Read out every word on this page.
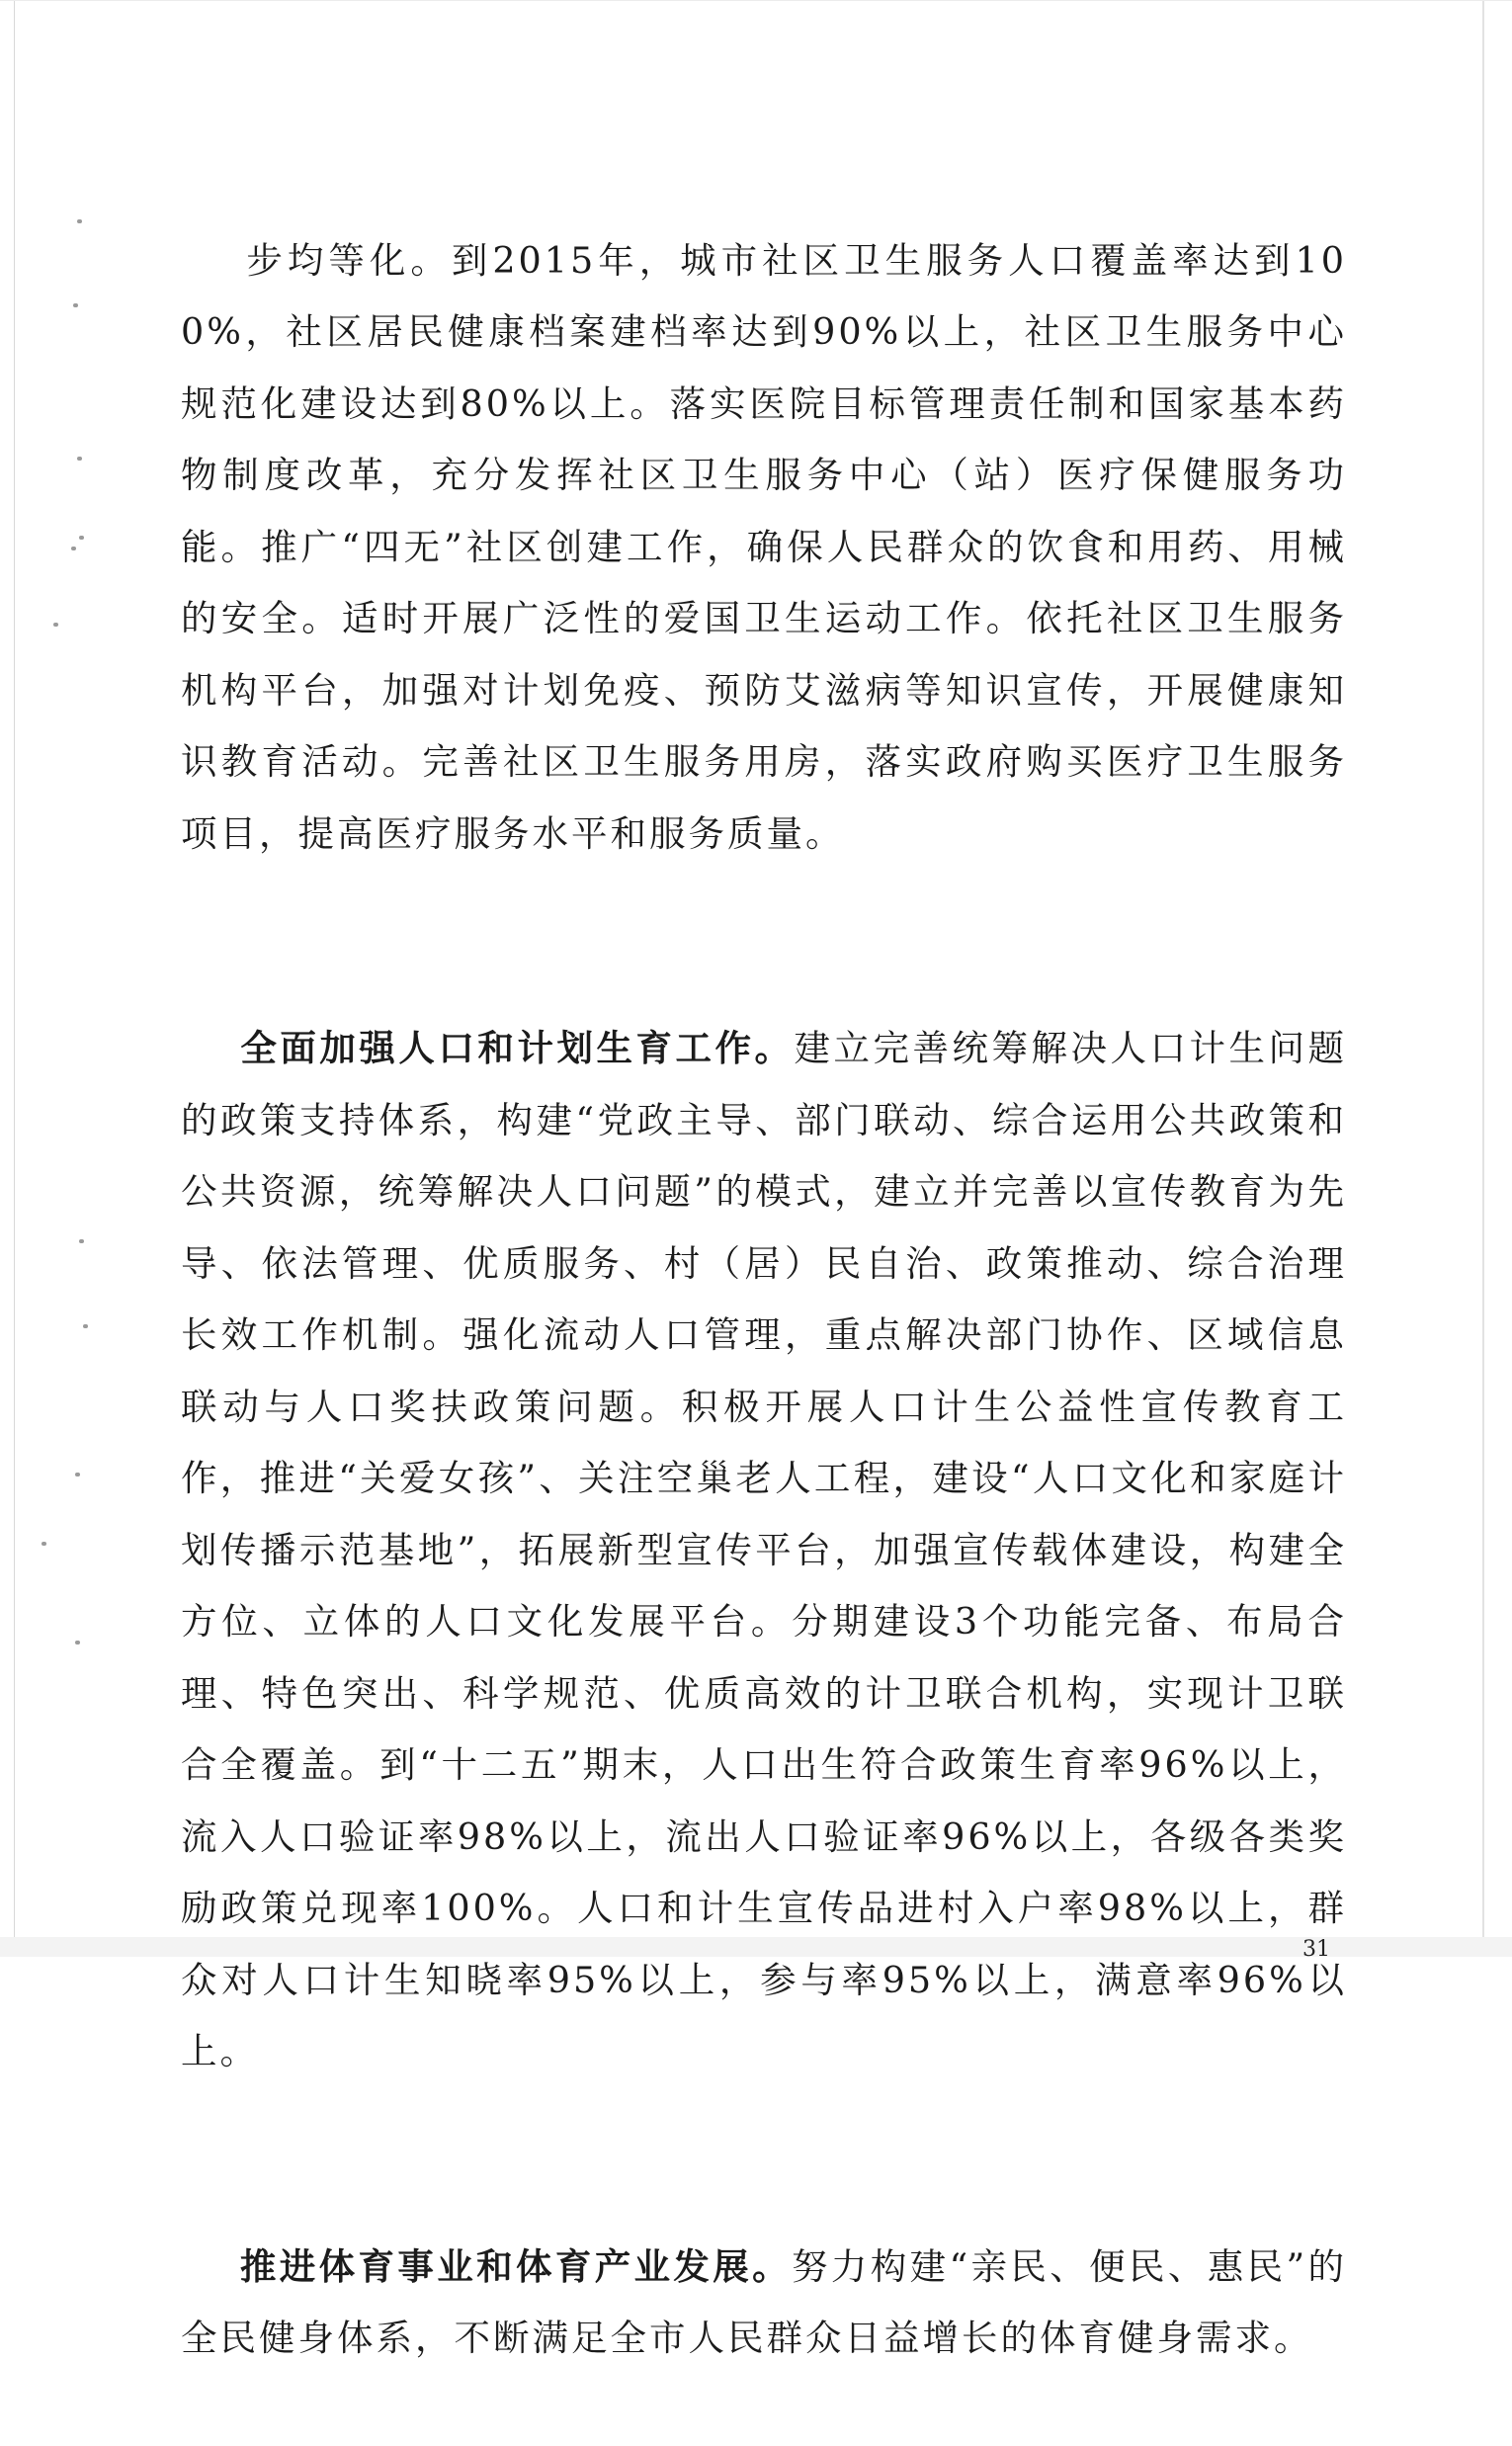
步均等化。到2015年，城市社区卫生服务人口覆盖率达到100%，社区居民健康档案建档率达到90%以上，社区卫生服务中心规范化建设达到80%以上。落实医院目标管理责任制和国家基本药物制度改革，充分发挥社区卫生服务中心（站）医疗保健服务功能。推广“四无”社区创建工作，确保人民群众的饮食和用药、用械的安全。适时开展广泛性的爱国卫生运动工作。依托社区卫生服务机构平台，加强对计划免疫、预防艾滋病等知识宣传，开展健康知识教育活动。完善社区卫生服务用房，落实政府购买医疗卫生服务项目，提高医疗服务水平和服务质量。

全面加强人口和计划生育工作。建立完善统筹解决人口计生问题的政策支持体系，构建“党政主导、部门联动、综合运用公共政策和公共资源，统筹解决人口问题”的模式，建立并完善以宣传教育为先导、依法管理、优质服务、村（居）民自治、政策推动、综合治理长效工作机制。强化流动人口管理，重点解决部门协作、区域信息联动与人口奖扶政策问题。积极开展人口计生公益性宣传教育工作，推进“关爱女孩”、关注空巢老人工程，建设“人口文化和家庭计划传播示范基地”，拓展新型宣传平台，加强宣传载体建设，构建全方位、立体的人口文化发展平台。分期建设3个功能完备、布局合理、特色突出、科学规范、优质高效的计卫联合机构，实现计卫联合全覆盖。到“十二五”期末，人口出生符合政策生育率96%以上，流入人口验证率98%以上，流出人口验证率96%以上，各级各类奖励政策兑现率100%。人口和计生宣传品进村入户率98%以上，群众对人口计生知晓率95%以上，参与率95%以上，满意率96%以上。

推进体育事业和体育产业发展。努力构建“亲民、便民、惠民”的全民健身体系，不断满足全市人民群众日益增长的体育健身需求。

31
